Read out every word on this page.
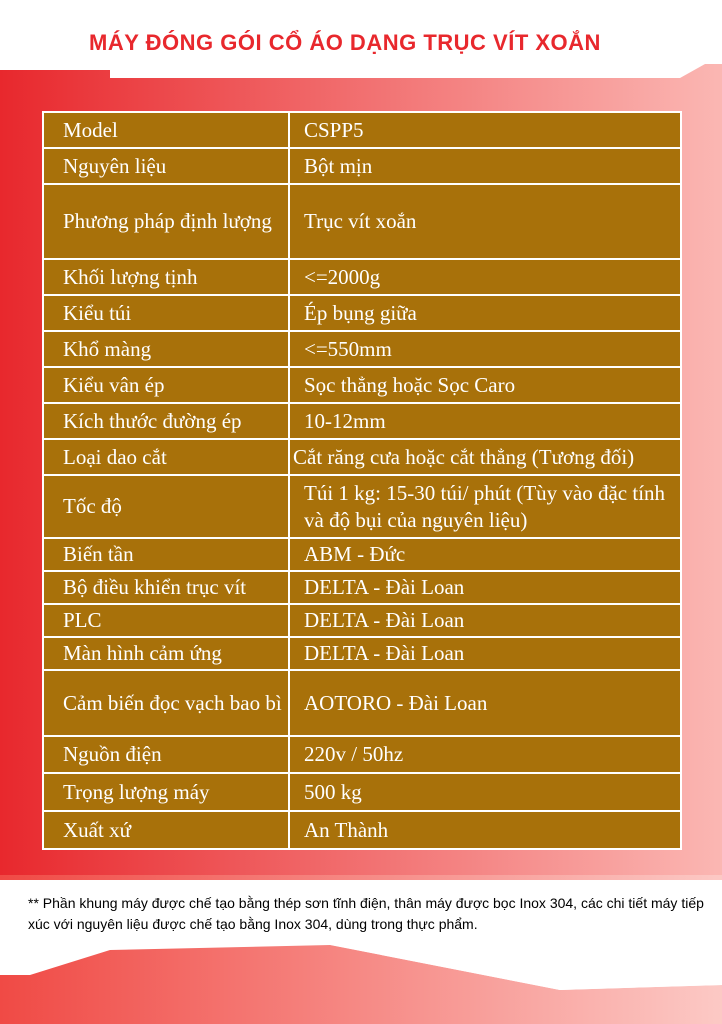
MÁY ĐÓNG GÓI CỔ ÁO DẠNG TRỤC VÍT XOẮN
Model	CSPP5
Nguyên liệu	Bột mịn
Phương pháp định lượng	Trục vít xoắn
Khối lượng tịnh	<=2000g
Kiểu túi	Ép bụng giữa
Khổ màng	<=550mm
Kiểu vân ép	Sọc thẳng hoặc Sọc Caro
Kích thước đường ép	10-12mm
Loại dao cắt	Cắt răng cưa hoặc cắt thẳng (Tương đối)
Tốc độ	Túi 1 kg: 15-30 túi/ phút (Tùy vào đặc tính và độ bụi của nguyên liệu)
Biến tần	ABM - Đức
Bộ điều khiển trục vít	DELTA - Đài Loan
PLC	DELTA - Đài Loan
Màn hình cảm ứng	DELTA - Đài Loan
Cảm biến đọc vạch bao bì	AOTORO - Đài Loan
Nguồn điện	220v / 50hz
Trọng lượng máy	500 kg
Xuất xứ	An Thành
** Phần khung máy được chế tạo bằng thép sơn tĩnh điện, thân máy được bọc Inox 304, các chi tiết máy tiếp xúc với nguyên liệu được chế tạo bằng Inox 304, dùng trong thực phẩm.
